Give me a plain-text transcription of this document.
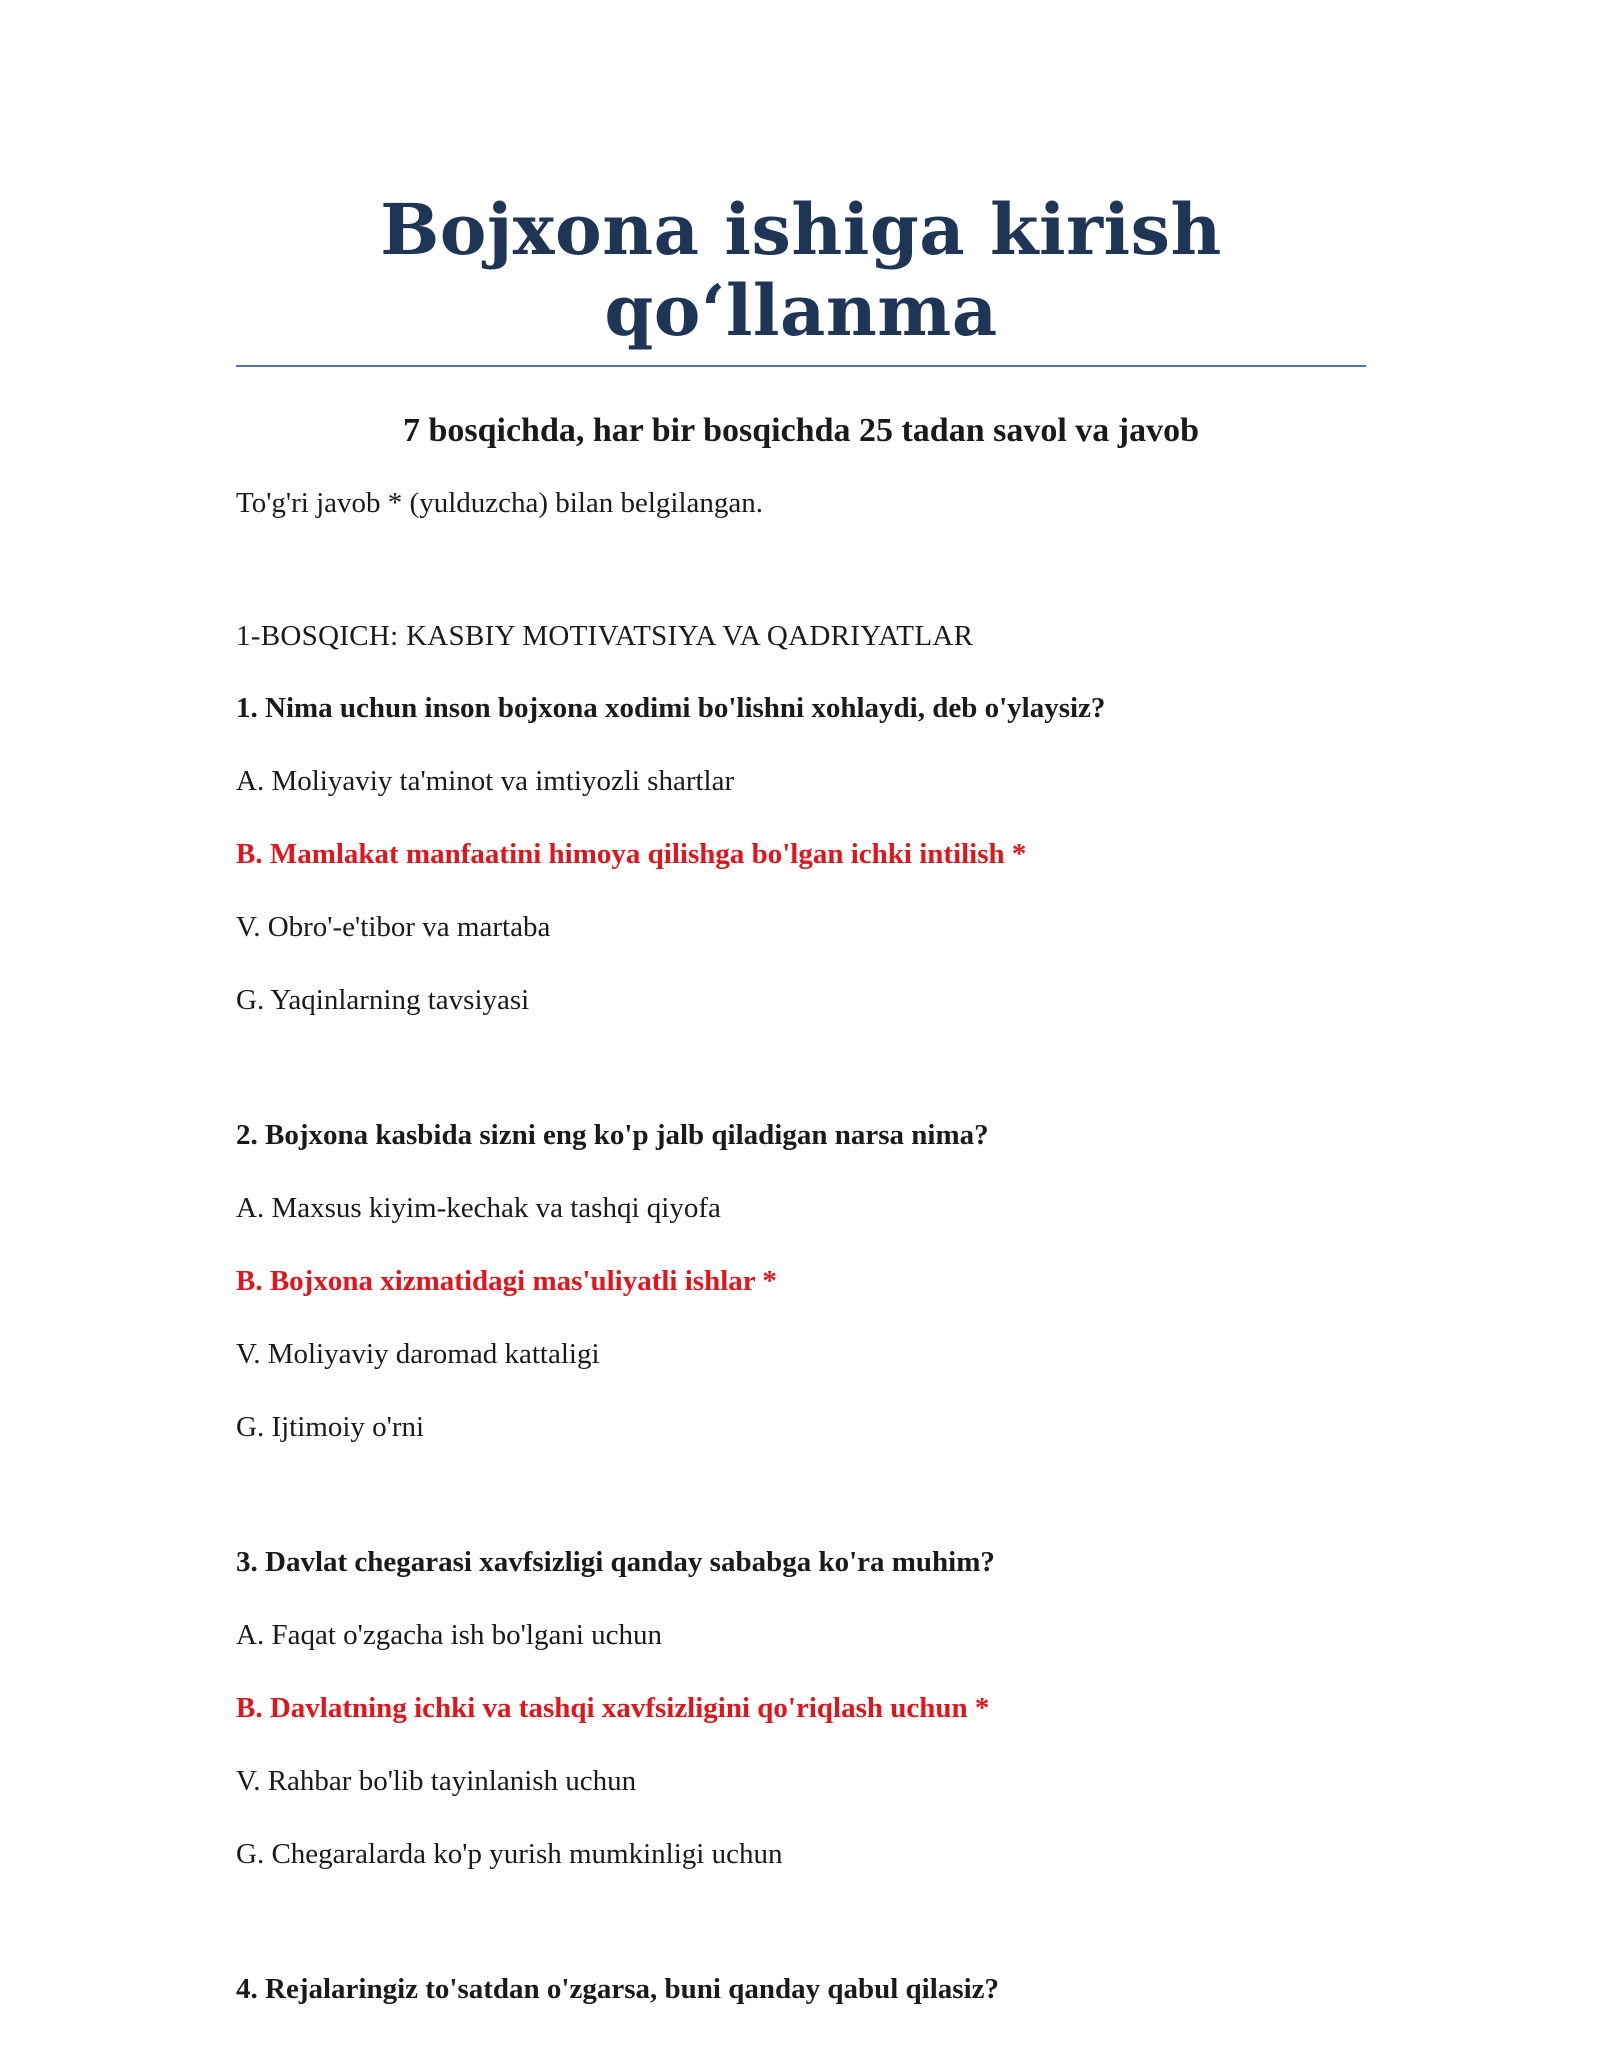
Bojxona ishiga kirish qo‘llanma

7 bosqichda, har bir bosqichda 25 tadan savol va javob

To'g'ri javob * (yulduzcha) bilan belgilangan.

1-BOSQICH: KASBIY MOTIVATSIYA VA QADRIYATLAR

1. Nima uchun inson bojxona xodimi bo'lishni xohlaydi, deb o'ylaysiz?

A. Moliyaviy ta'minot va imtiyozli shartlar

B. Mamlakat manfaatini himoya qilishga bo'lgan ichki intilish *

V. Obro'-e'tibor va martaba

G. Yaqinlarning tavsiyasi

2. Bojxona kasbida sizni eng ko'p jalb qiladigan narsa nima?

A. Maxsus kiyim-kechak va tashqi qiyofa

B. Bojxona xizmatidagi mas'uliyatli ishlar *

V. Moliyaviy daromad kattaligi

G. Ijtimoiy o'rni

3. Davlat chegarasi xavfsizligi qanday sababga ko'ra muhim?

A. Faqat o'zgacha ish bo'lgani uchun

B. Davlatning ichki va tashqi xavfsizligini qo'riqlash uchun *

V. Rahbar bo'lib tayinlanish uchun

G. Chegaralarda ko'p yurish mumkinligi uchun

4. Rejalaringiz to'satdan o'zgarsa, buni qanday qabul qilasiz?
